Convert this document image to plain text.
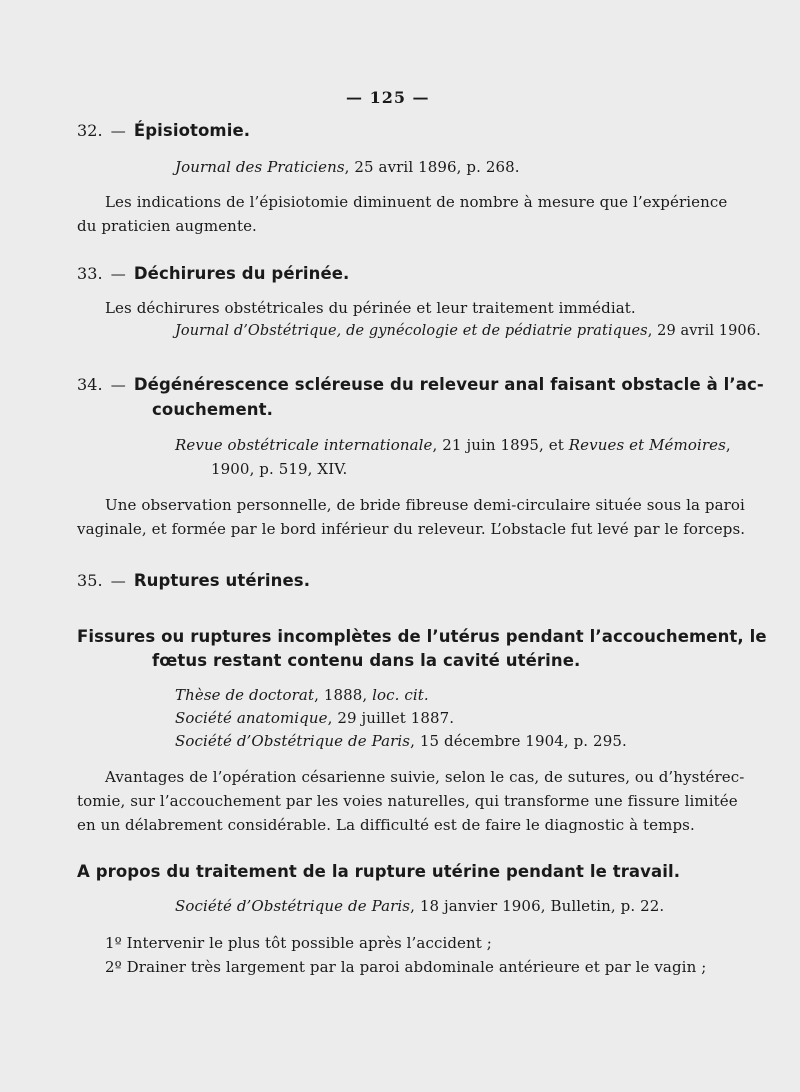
— 125 —
32. — Épisiotomie.
Journal des Praticiens, 25 avril 1896, p. 268.
Les indications de l’épisiotomie diminuent de nombre à mesure que l’expérience
du praticien augmente.
33. — Déchirures du périnée.
Les déchirures obstétricales du périnée et leur traitement immédiat.
Journal d’Obstétrique, de gynécologie et de pédiatrie pratiques, 29 avril 1906.
34. — Dégénérescence scléreuse du releveur anal faisant obstacle à l’ac-
couchement.
Revue obstétricale internationale, 21 juin 1895, et Revues et Mémoires,
1900, p. 519, XIV.
Une observation personnelle, de bride fibreuse demi-circulaire située sous la paroi
vaginale, et formée par le bord inférieur du releveur. L’obstacle fut levé par le forceps.
35. — Ruptures utérines.
Fissures ou ruptures incomplètes de l’utérus pendant l’accouchement, le
fœtus restant contenu dans la cavité utérine.
Thèse de doctorat, 1888, loc. cit.
Société anatomique, 29 juillet 1887.
Société d’Obstétrique de Paris, 15 décembre 1904, p. 295.
Avantages de l’opération césarienne suivie, selon le cas, de sutures, ou d’hystérec-
tomie, sur l’accouchement par les voies naturelles, qui transforme une fissure limitée
en un délabrement considérable. La difficulté est de faire le diagnostic à temps.
A propos du traitement de la rupture utérine pendant le travail.
Société d’Obstétrique de Paris, 18 janvier 1906, Bulletin, p. 22.
1º Intervenir le plus tôt possible après l’accident ;
2º Drainer très largement par la paroi abdominale antérieure et par le vagin ;
